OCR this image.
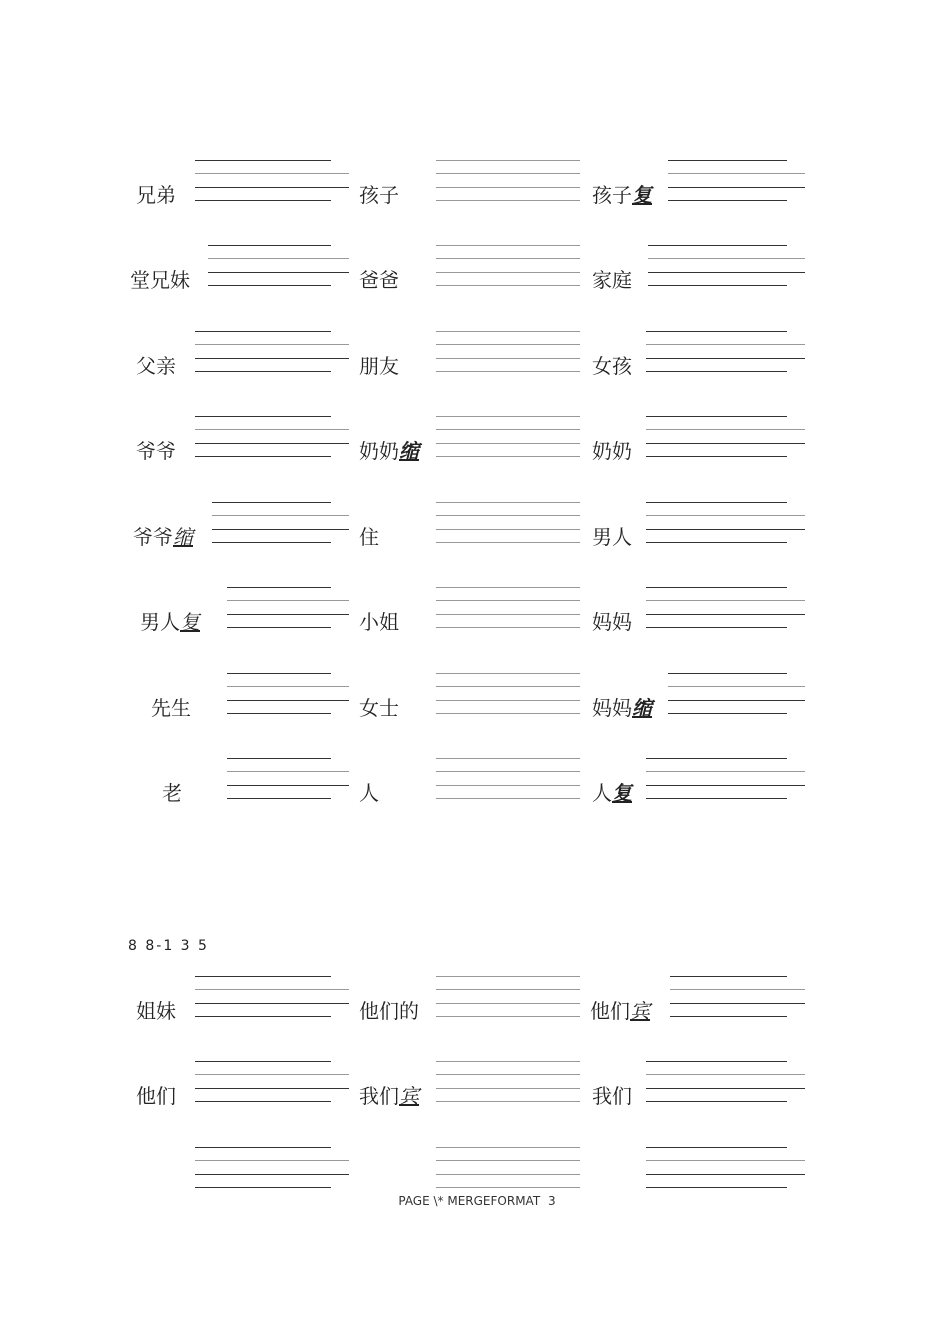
兄弟	孩子	孩子复
堂兄妹	爸爸	家庭
父亲	朋友	女孩
爷爷	奶奶缩	奶奶
爷爷缩	住	男人
男人复	小姐	妈妈
先生	女士	妈妈缩
老	人	人复
姐妹	他们的	他们宾
他们	我们宾	我们
8 8-1 3 5
PAGE \* MERGEFORMAT 3
